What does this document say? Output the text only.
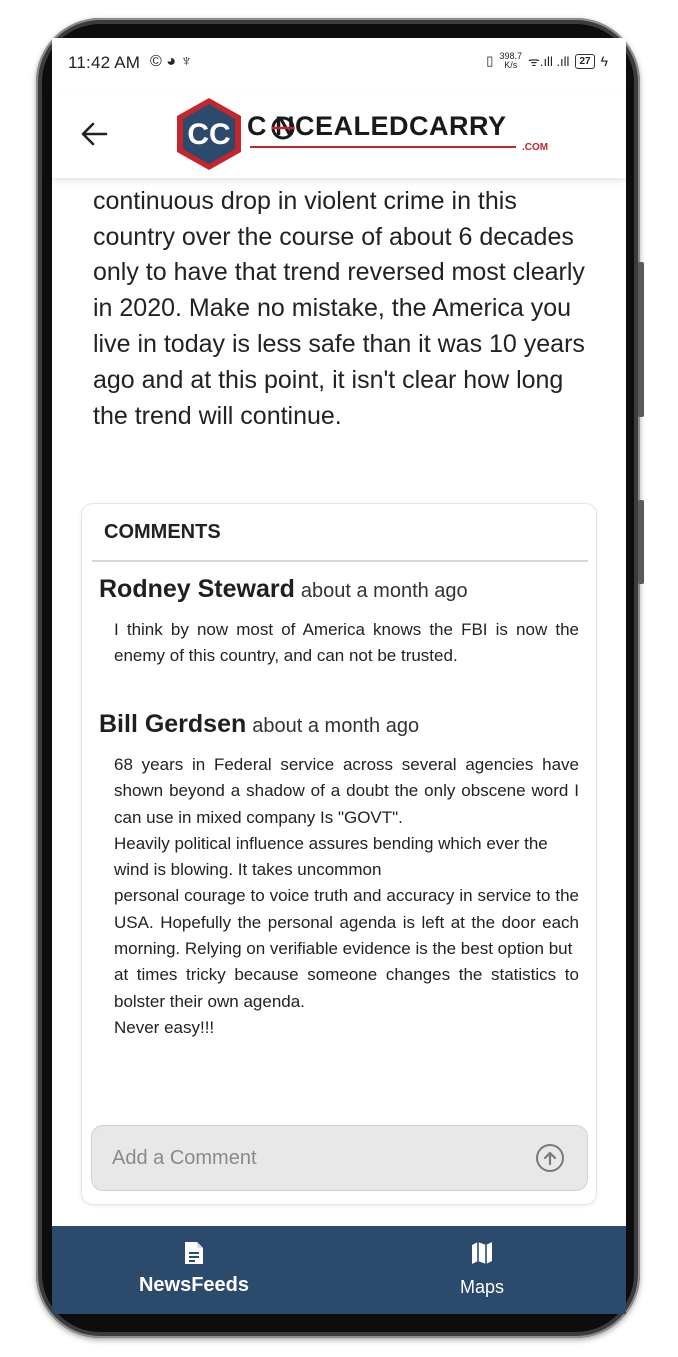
11:42 AM © ◕ ♆	▯ 398.7
K/s ᯤ.ıll .ıll	27 ϟ
CC C NCEALEDCARRY
.COM
continuous drop in violent crime in this country over the course of about 6 decades only to have that trend reversed most clearly in 2020. Make no mistake, the America you live in today is less safe than it was 10 years ago and at this point, it isn't clear how long the trend will continue.
COMMENTS
Rodney Steward about a month ago

I think by now most of America knows the FBI is now the enemy of this country, and can not be trusted.

Bill Gerdsen about a month ago

68 years in Federal service across several agencies have shown beyond a shadow of a doubt the only obscene word I can use in mixed company Is "GOVT".

Heavily political influence assures bending which ever the wind is blowing. It takes uncommon

personal courage to voice truth and accuracy in service to the USA. Hopefully the personal agenda is left at the door each morning. Relying on verifiable evidence is the best option but

at times tricky because someone changes the statistics to bolster their own agenda.

Never easy!!!

Add a Comment
NewsFeeds	Maps
